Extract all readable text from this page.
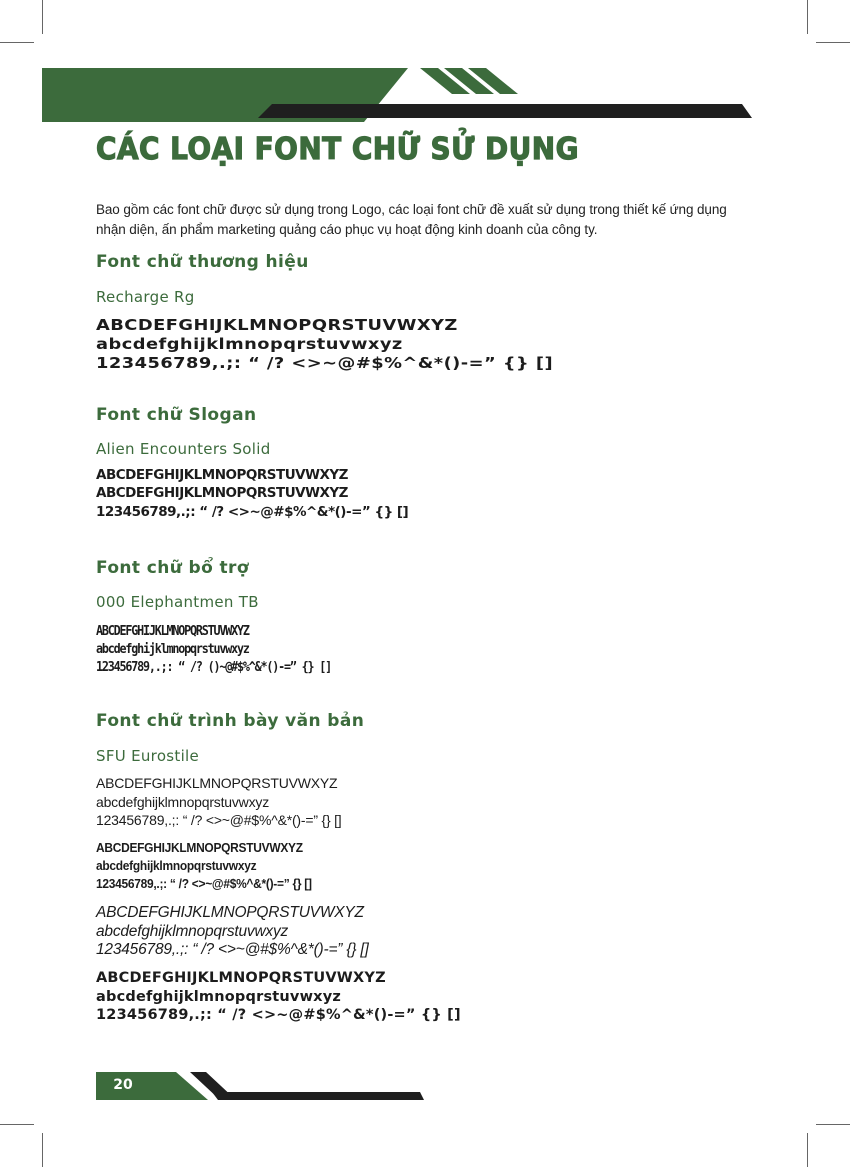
CÁC LOẠI FONT CHỮ SỬ DỤNG
Bao gồm các font chữ được sử dụng trong Logo, các loại font chữ đề xuất sử dụng trong thiết kế ứng dụng nhận diện, ấn phẩm marketing quảng cáo phục vụ hoạt động kinh doanh của công ty.
Font chữ thương hiệu
Recharge Rg
ABCDEFGHIJKLMNOPQRSTUVWXYZ
abcdefghijklmnopqrstuvwxyz
123456789,.;: “ /? <>~@#$%^&*()-=” {} []
Font chữ Slogan
Alien Encounters Solid
ABCDEFGHIJKLMNOPQRSTUVWXYZ
ABCDEFGHIJKLMNOPQRSTUVWXYZ
123456789,.;: “ /? <>~@#$%^&*()-=” {} []
Font chữ bổ trợ
000 Elephantmen TB
ABCDEFGHIJKLMNOPQRSTUVWXYZ
abcdefghijklmnopqrstuvwxyz
123456789,.;: “ /? ()~@#$%^&*()-=” {} []
Font chữ trình bày văn bản
SFU Eurostile
ABCDEFGHIJKLMNOPQRSTUVWXYZ
abcdefghijklmnopqrstuvwxyz
123456789,.;: “ /? <>~@#$%^&*()-=” {} []
ABCDEFGHIJKLMNOPQRSTUVWXYZ
abcdefghijklmnopqrstuvwxyz
123456789,.;: “ /? <>~@#$%^&*()-=” {} []
ABCDEFGHIJKLMNOPQRSTUVWXYZ
abcdefghijklmnopqrstuvwxyz
123456789,.;: “ /? <>~@#$%^&*()-=” {} []
ABCDEFGHIJKLMNOPQRSTUVWXYZ
abcdefghijklmnopqrstuvwxyz
123456789,.;: “ /? <>~@#$%^&*()-=” {} []
20
